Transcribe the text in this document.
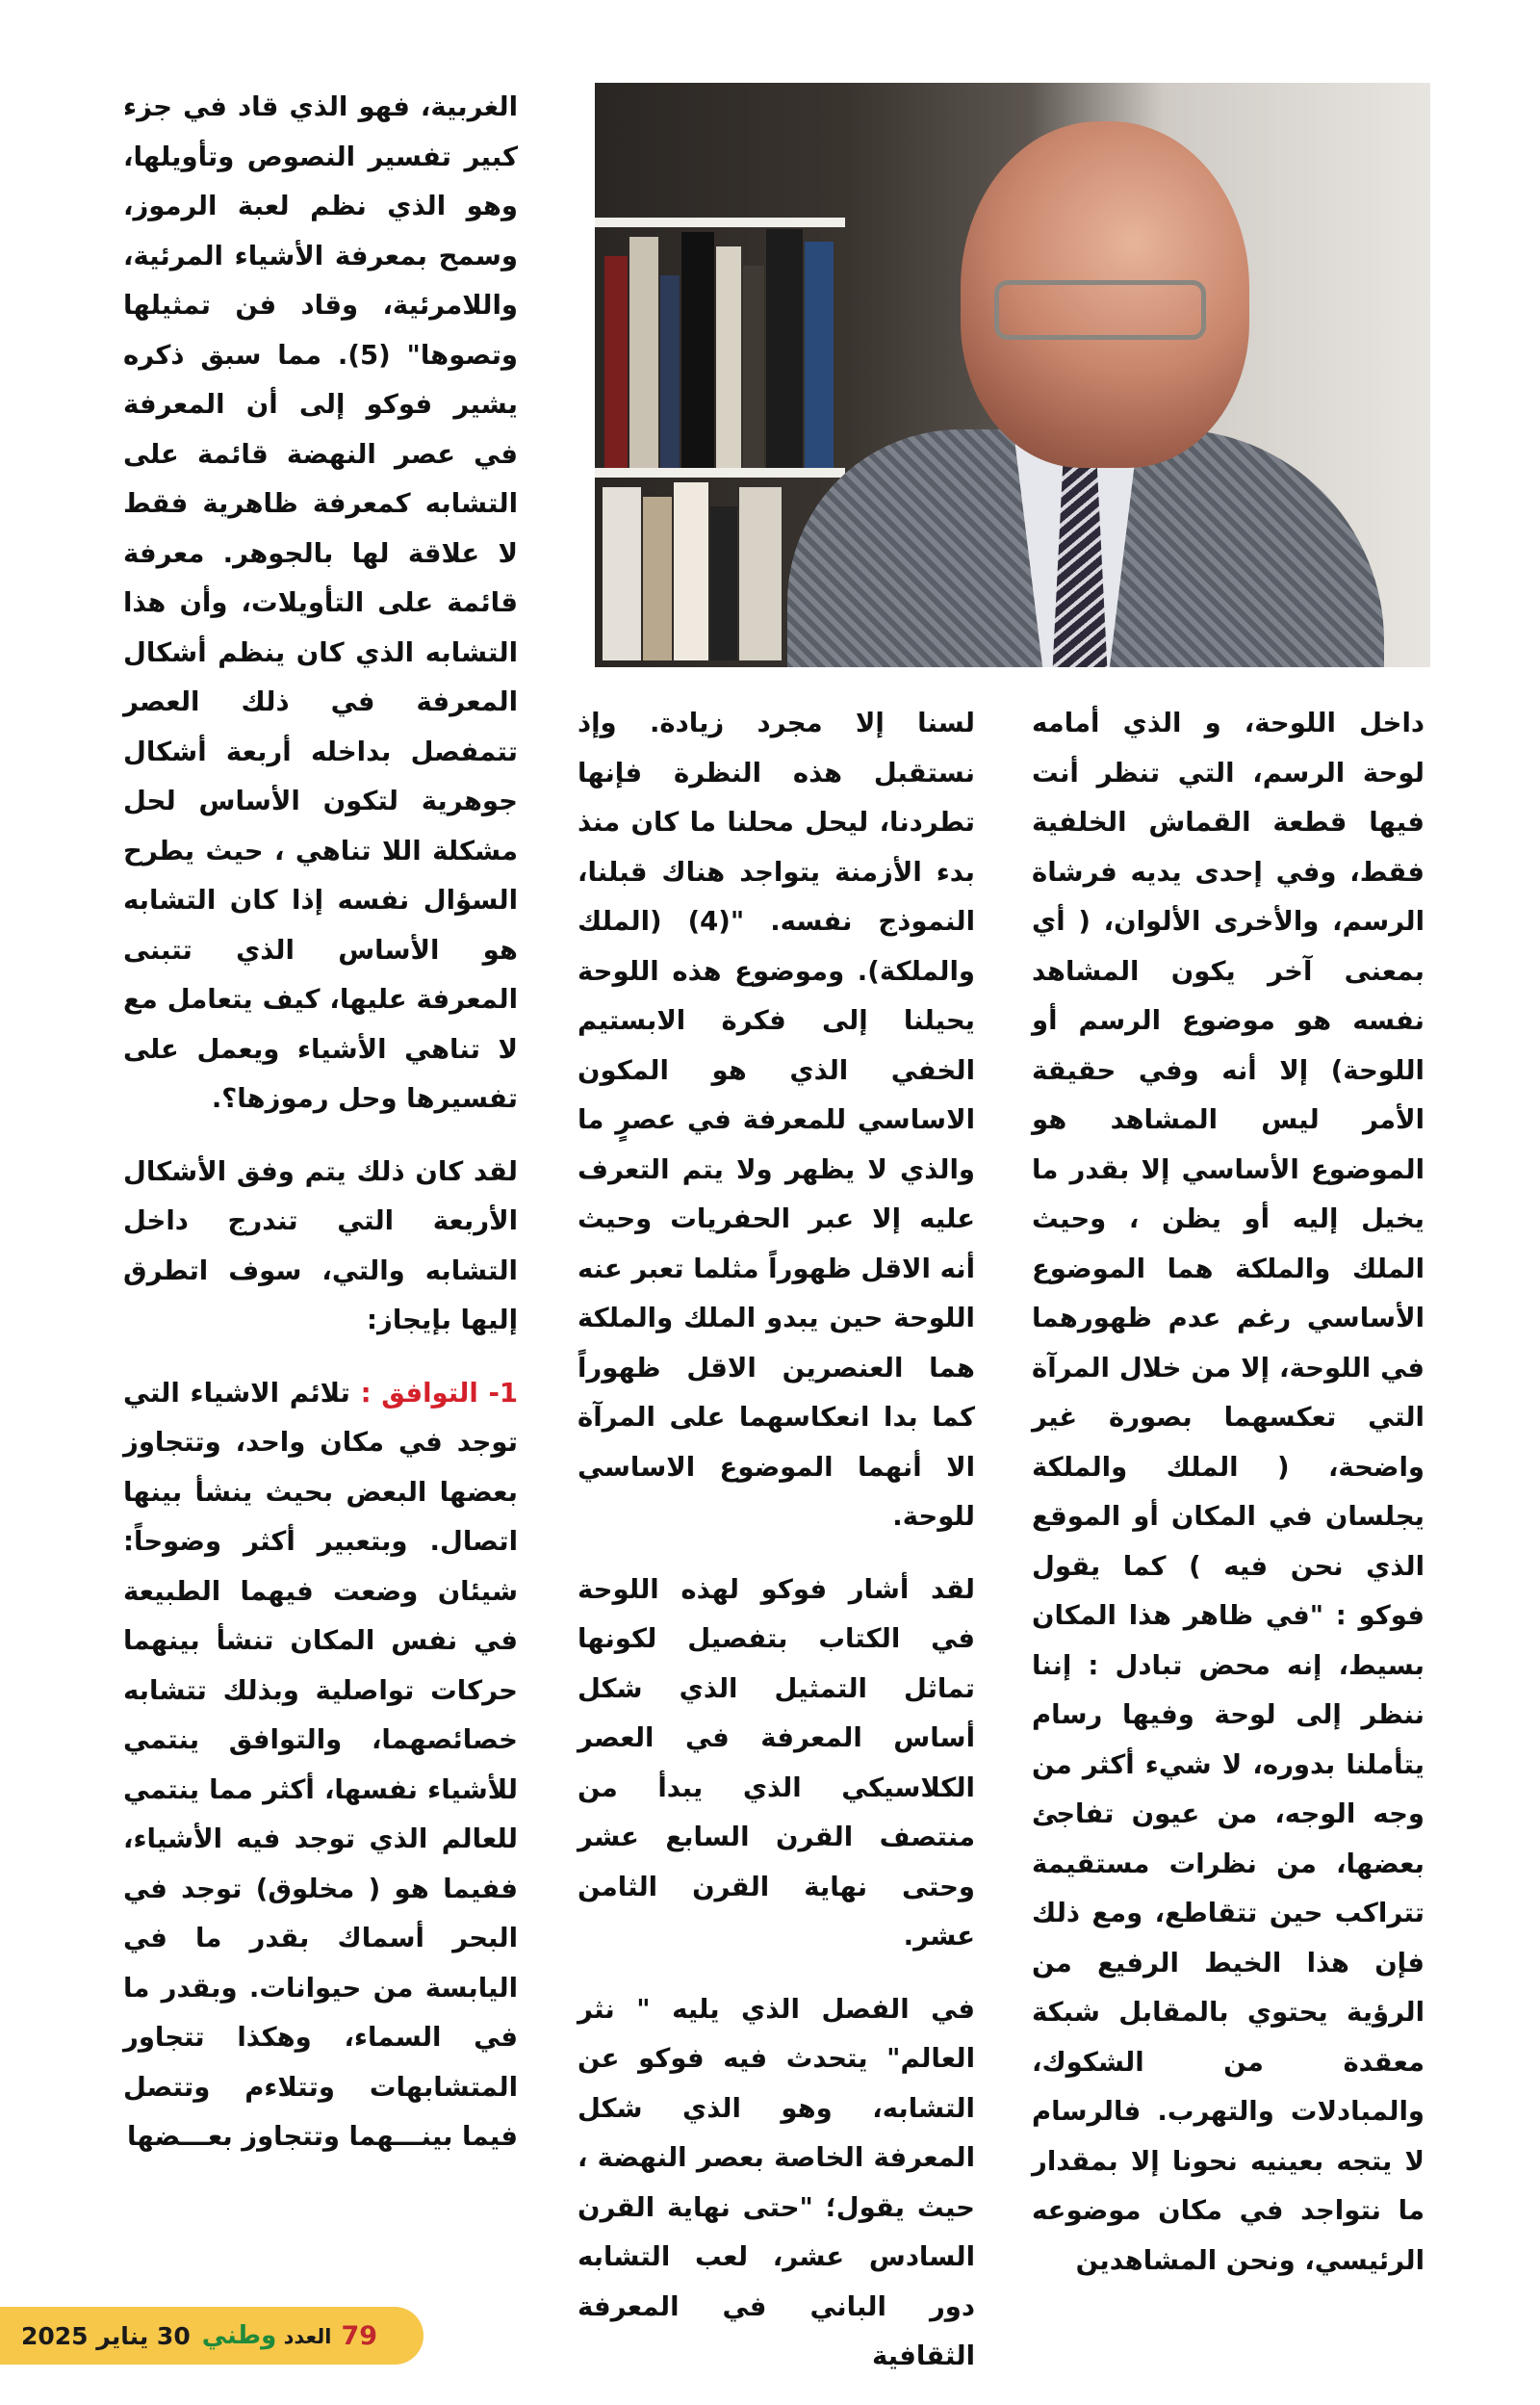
الغربية، فهو الذي قاد في جزء كبير تفسير النصوص وتأويلها، وهو الذي نظم لعبة الرموز، وسمح بمعرفة الأشياء المرئية، واللامرئية، وقاد فن تمثيلها وتصوها" (5). مما سبق ذكره يشير فوكو إلى أن المعرفة في عصر النهضة قائمة على التشابه كمعرفة ظاهرية فقط لا علاقة لها بالجوهر. معرفة قائمة على التأويلات، وأن هذا التشابه الذي كان ينظم أشكال المعرفة في ذلك العصر تتمفصل بداخله أربعة أشكال جوهرية لتكون الأساس لحل مشكلة اللا تناهي ، حيث يطرح السؤال نفسه إذا كان التشابه هو الأساس الذي تتبنى المعرفة عليها، كيف يتعامل مع لا تناهي الأشياء ويعمل على تفسيرها وحل رموزها؟.

لقد كان ذلك يتم وفق الأشكال الأربعة التي تندرج داخل التشابه والتي، سوف اتطرق إليها بإيجاز:

1- التوافق : تلائم الاشياء التي توجد في مكان واحد، وتتجاوز بعضها البعض بحيث ينشأ بينها اتصال. وبتعبير أكثر وضوحاً: شيئان وضعت فيهما الطبيعة في نفس المكان تنشأ بينهما حركات تواصلية وبذلك تتشابه خصائصهما، والتوافق ينتمي للأشياء نفسها، أكثر مما ينتمي للعالم الذي توجد فيه الأشياء، ففيما هو ( مخلوق) توجد في البحر أسماك بقدر ما في اليابسة من حيوانات. وبقدر ما في السماء، وهكذا تتجاور المتشابهات وتتلاءم وتتصل فيما بينـــهما وتتجاوز بعـــضها

لسنا إلا مجرد زيادة. وإذ نستقبل هذه النظرة فإنها تطردنا، ليحل محلنا ما كان منذ بدء الأزمنة يتواجد هناك قبلنا، النموذج نفسه. "(4) (الملك والملكة). وموضوع هذه اللوحة يحيلنا إلى فكرة الابستيم الخفي الذي هو المكون الاساسي للمعرفة في عصرٍ ما والذي لا يظهر ولا يتم التعرف عليه إلا عبر الحفريات وحيث أنه الاقل ظهوراً مثلما تعبر عنه اللوحة حين يبدو الملك والملكة هما العنصرين الاقل ظهوراً كما بدا انعكاسهما على المرآة الا أنهما الموضوع الاساسي للوحة.

لقد أشار فوكو لهذه اللوحة في الكتاب بتفصيل لكونها تماثل التمثيل الذي شكل أساس المعرفة في العصر الكلاسيكي الذي يبدأ من منتصف القرن السابع عشر وحتى نهاية القرن الثامن عشر.

في الفصل الذي يليه " نثر العالم" يتحدث فيه فوكو عن التشابه، وهو الذي شكل المعرفة الخاصة بعصر النهضة ، حيث يقول؛ "حتى نهاية القرن السادس عشر، لعب التشابه دور الباني في المعرفة الثقافية

داخل اللوحة، و الذي أمامه لوحة الرسم، التي تنظر أنت فيها قطعة القماش الخلفية فقط، وفي إحدى يديه فرشاة الرسم، والأخرى الألوان، ( أي بمعنى آخر يكون المشاهد نفسه هو موضوع الرسم أو اللوحة) إلا أنه وفي حقيقة الأمر ليس المشاهد هو الموضوع الأساسي إلا بقدر ما يخيل إليه أو يظن ، وحيث الملك والملكة هما الموضوع الأساسي رغم عدم ظهورهما في اللوحة، إلا من خلال المرآة التي تعكسهما بصورة غير واضحة، ( الملك والملكة يجلسان في المكان أو الموقع الذي نحن فيه ) كما يقول فوكو : "في ظاهر هذا المكان بسيط، إنه محض تبادل : إننا ننظر إلى لوحة وفيها رسام يتأملنا بدوره، لا شيء أكثر من وجه الوجه، من عيون تفاجئ بعضها، من نظرات مستقيمة تتراكب حين تتقاطع، ومع ذلك فإن هذا الخيط الرفيع من الرؤية يحتوي بالمقابل شبكة معقدة من الشكوك، والمبادلات والتهرب. فالرسام لا يتجه بعينيه نحونا إلا بمقدار ما نتواجد في مكان موضوعه الرئيسي، ونحن المشاهدين

30 يناير 2025	العدد وطني	79
